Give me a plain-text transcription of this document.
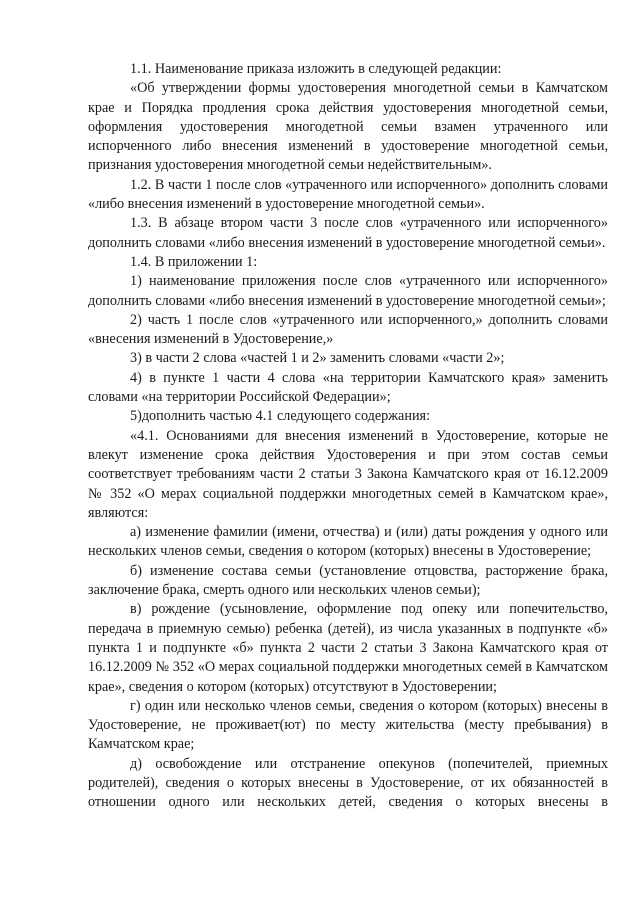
1.1. Наименование приказа изложить в следующей редакции:

«Об утверждении формы удостоверения многодетной семьи в Камчатском крае и Порядка продления срока действия удостоверения многодетной семьи, оформления удостоверения многодетной семьи взамен утраченного или испорченного либо внесения изменений в удостоверение многодетной семьи, признания удостоверения многодетной семьи недействительным».

1.2. В части 1 после слов «утраченного или испорченного» дополнить словами «либо внесения изменений в удостоверение многодетной семьи».

1.3. В абзаце втором части 3 после слов «утраченного или испорченного» дополнить словами «либо внесения изменений в удостоверение многодетной семьи».

1.4. В приложении 1:

1) наименование приложения после слов «утраченного или испорченного» дополнить словами «либо внесения изменений в удостоверение многодетной семьи»;

2) часть 1 после слов «утраченного или испорченного,» дополнить словами «внесения изменений в Удостоверение,»

3) в части 2 слова «частей 1 и 2» заменить словами «части 2»;

4) в пункте 1 части 4 слова «на территории Камчатского края» заменить словами «на территории Российской Федерации»;

5)дополнить частью 4.1 следующего содержания:

«4.1. Основаниями для внесения изменений в Удостоверение, которые не влекут изменение срока действия Удостоверения и при этом состав семьи соответствует требованиям части 2 статьи 3 Закона Камчатского края от 16.12.2009 № 352 «О мерах социальной поддержки многодетных семей в Камчатском крае», являются:

а) изменение фамилии (имени, отчества) и (или) даты рождения у одного или нескольких членов семьи, сведения о котором (которых) внесены в Удостоверение;

б) изменение состава семьи (установление отцовства, расторжение брака, заключение брака, смерть одного или нескольких членов семьи);

в) рождение (усыновление, оформление под опеку или попечительство, передача в приемную семью) ребенка (детей), из числа указанных в подпункте «б» пункта 1 и подпункте «б» пункта 2 части 2 статьи 3 Закона Камчатского края от 16.12.2009 № 352 «О мерах социальной поддержки многодетных семей в Камчатском крае», сведения о котором (которых) отсутствуют в Удостоверении;

г) один или несколько членов семьи, сведения о котором (которых) внесены в Удостоверение, не проживает(ют) по месту жительства (месту пребывания) в Камчатском крае;

д) освобождение или отстранение опекунов (попечителей, приемных родителей), сведения о которых внесены в Удостоверение, от их обязанностей в отношении одного или нескольких детей, сведения о которых внесены в
